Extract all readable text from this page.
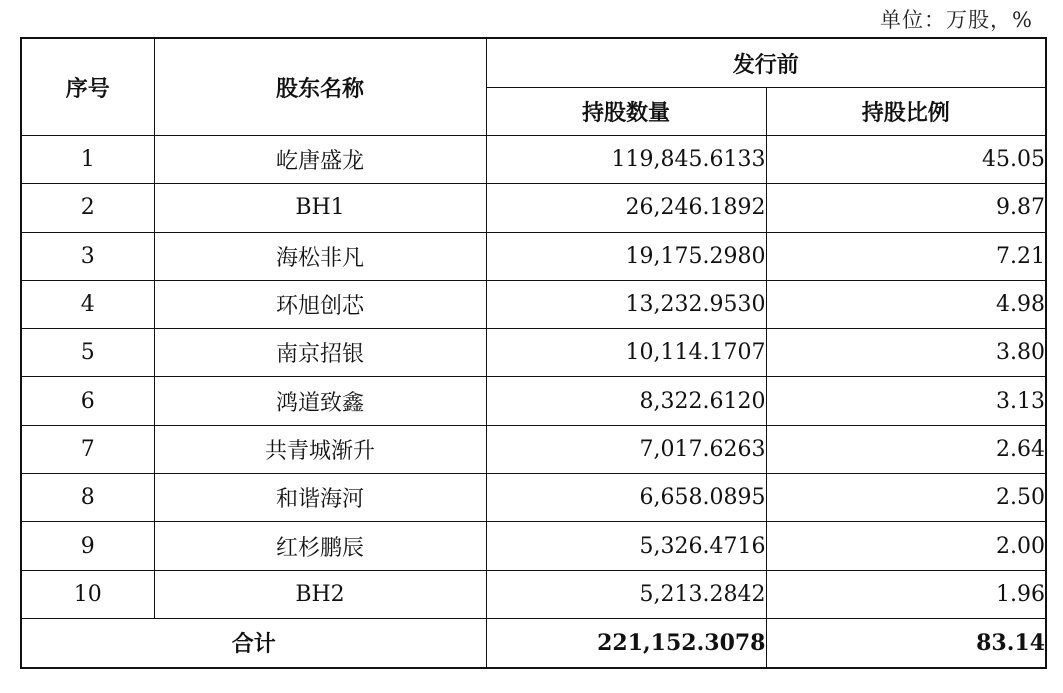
单位：万股，%
序号	股东名称	发行前	
		持股数量	持股比例
1	屹唐盛龙	119,845.6133	45.05
2	BH1	26,246.1892	9.87
3	海松非凡	19,175.2980	7.21
4	环旭创芯	13,232.9530	4.98
5	南京招银	10,114.1707	3.80
6	鸿道致鑫	8,322.6120	3.13
7	共青城渐升	7,017.6263	2.64
8	和谐海河	6,658.0895	2.50
9	红杉鹏辰	5,326.4716	2.00
10	BH2	5,213.2842	1.96
合计		221,152.3078	83.14
